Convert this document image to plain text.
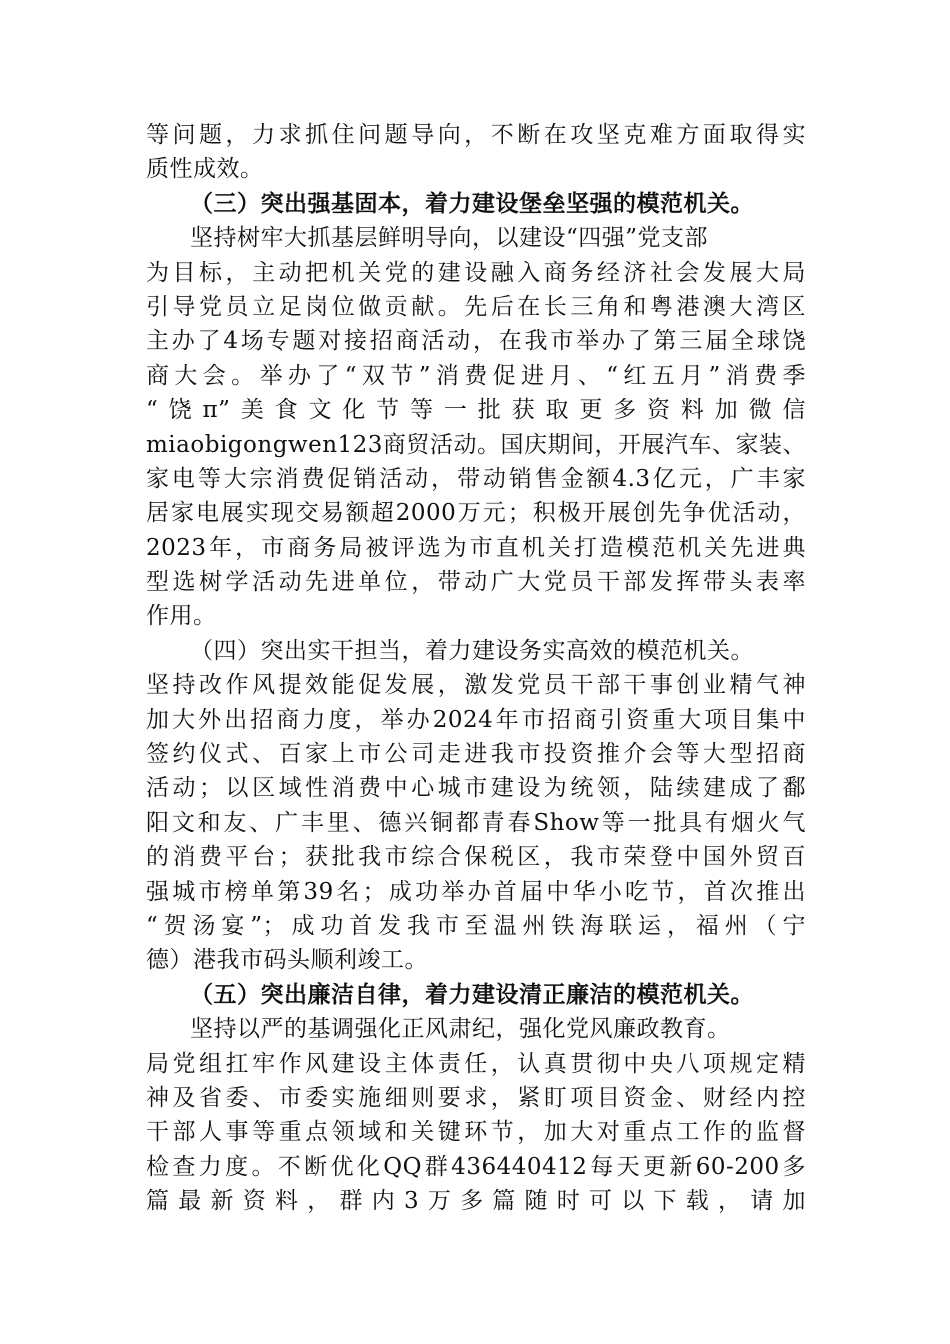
等问题，力求抓住问题导向，不断在攻坚克难方面取得实
质性成效。
（三）突出强基固本，着力建设堡垒坚强的模范机关。
坚持树牢大抓基层鲜明导向，以建设“四强”党支部
为目标，主动把机关党的建设融入商务经济社会发展大局
引导党员立足岗位做贡献。先后在长三角和粤港澳大湾区
主办了4场专题对接招商活动，在我市举办了第三届全球饶
商大会。举办了“双节”消费促进月、“红五月”消费季
“饶π”美食文化节等一批获取更多资料加微信
miaobigongwen123商贸活动。国庆期间，开展汽车、家装、
家电等大宗消费促销活动，带动销售金额4.3亿元，广丰家
居家电展实现交易额超2000万元；积极开展创先争优活动，
2023年，市商务局被评选为市直机关打造模范机关先进典
型选树学活动先进单位，带动广大党员干部发挥带头表率
作用。
（四）突出实干担当，着力建设务实高效的模范机关。
坚持改作风提效能促发展，激发党员干部干事创业精气神
加大外出招商力度，举办2024年市招商引资重大项目集中
签约仪式、百家上市公司走进我市投资推介会等大型招商
活动；以区域性消费中心城市建设为统领，陆续建成了鄱
阳文和友、广丰里、德兴铜都青春Show等一批具有烟火气
的消费平台；获批我市综合保税区，我市荣登中国外贸百
强城市榜单第39名；成功举办首届中华小吃节，首次推出
“贺汤宴”；成功首发我市至温州铁海联运，福州（宁
德）港我市码头顺利竣工。
（五）突出廉洁自律，着力建设清正廉洁的模范机关。
坚持以严的基调强化正风肃纪，强化党风廉政教育。
局党组扛牢作风建设主体责任，认真贯彻中央八项规定精
神及省委、市委实施细则要求，紧盯项目资金、财经内控
干部人事等重点领域和关键环节，加大对重点工作的监督
检查力度。不断优化QQ群436440412每天更新60-200多
篇最新资料，群内3万多篇随时可以下载，请加
